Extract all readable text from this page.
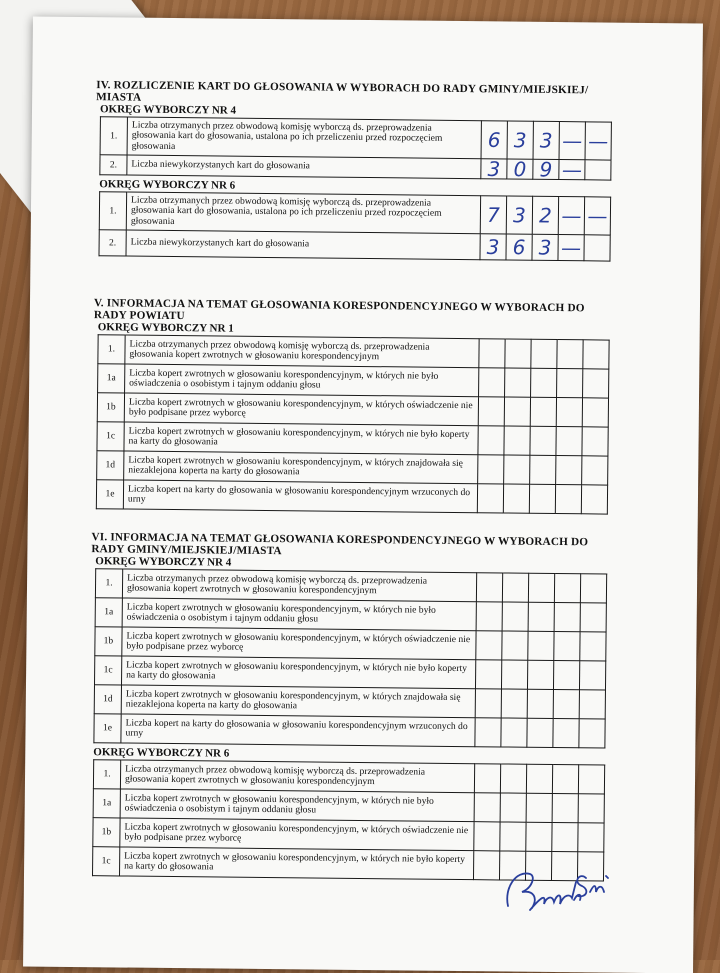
IV. ROZLICZENIE KART DO GŁOSOWANIA W WYBORACH DO RADY GMINY/MIEJSKIEJ/ MIASTA

OKRĘG WYBORCZY NR 4

1.	Liczba otrzymanych przez obwodową komisję wyborczą ds. przeprowadzenia głosowania kart do głosowania, ustalona po ich przeliczeniu przed rozpoczęciem głosowania	6	3	3	—	—

2.	Liczba niewykorzystanych kart do głosowania	3	0	9	—	

OKRĘG WYBORCZY NR 6

1.	Liczba otrzymanych przez obwodową komisję wyborczą ds. przeprowadzenia głosowania kart do głosowania, ustalona po ich przeliczeniu przed rozpoczęciem głosowania	7	3	2	—	—

2.	Liczba niewykorzystanych kart do głosowania	3	6	3	—	

V. INFORMACJA NA TEMAT GŁOSOWANIA KORESPONDENCYJNEGO W WYBORACH DO RADY POWIATU

OKRĘG WYBORCZY NR 1

1.	Liczba otrzymanych przez obwodową komisję wyborczą ds. przeprowadzenia głosowania kopert zwrotnych w głosowaniu korespondencyjnym					
1a	Liczba kopert zwrotnych w głosowaniu korespondencyjnym, w których nie było oświadczenia o osobistym i tajnym oddaniu głosu					
1b	Liczba kopert zwrotnych w głosowaniu korespondencyjnym, w których oświadczenie nie było podpisane przez wyborcę					
1c	Liczba kopert zwrotnych w głosowaniu korespondencyjnym, w których nie było koperty na karty do głosowania					
1d	Liczba kopert zwrotnych w głosowaniu korespondencyjnym, w których znajdowała się niezaklejona koperta na karty do głosowania					
1e	Liczba kopert na karty do głosowania w głosowaniu korespondencyjnym wrzuconych do urny					

VI. INFORMACJA NA TEMAT GŁOSOWANIA KORESPONDENCYJNEGO W WYBORACH DO RADY GMINY/MIEJSKIEJ/MIASTA

OKRĘG WYBORCZY NR 4

1.	Liczba otrzymanych przez obwodową komisję wyborczą ds. przeprowadzenia głosowania kopert zwrotnych w głosowaniu korespondencyjnym					
1a	Liczba kopert zwrotnych w głosowaniu korespondencyjnym, w których nie było oświadczenia o osobistym i tajnym oddaniu głosu					
1b	Liczba kopert zwrotnych w głosowaniu korespondencyjnym, w których oświadczenie nie było podpisane przez wyborcę					
1c	Liczba kopert zwrotnych w głosowaniu korespondencyjnym, w których nie było koperty na karty do głosowania					
1d	Liczba kopert zwrotnych w głosowaniu korespondencyjnym, w których znajdowała się niezaklejona koperta na karty do głosowania					
1e	Liczba kopert na karty do głosowania w głosowaniu korespondencyjnym wrzuconych do urny					

OKRĘG WYBORCZY NR 6

1.	Liczba otrzymanych przez obwodową komisję wyborczą ds. przeprowadzenia głosowania kopert zwrotnych w głosowaniu korespondencyjnym					
1a	Liczba kopert zwrotnych w głosowaniu korespondencyjnym, w których nie było oświadczenia o osobistym i tajnym oddaniu głosu					
1b	Liczba kopert zwrotnych w głosowaniu korespondencyjnym, w których oświadczenie nie było podpisane przez wyborcę					
1c	Liczba kopert zwrotnych w głosowaniu korespondencyjnym, w których nie było koperty na karty do głosowania					
